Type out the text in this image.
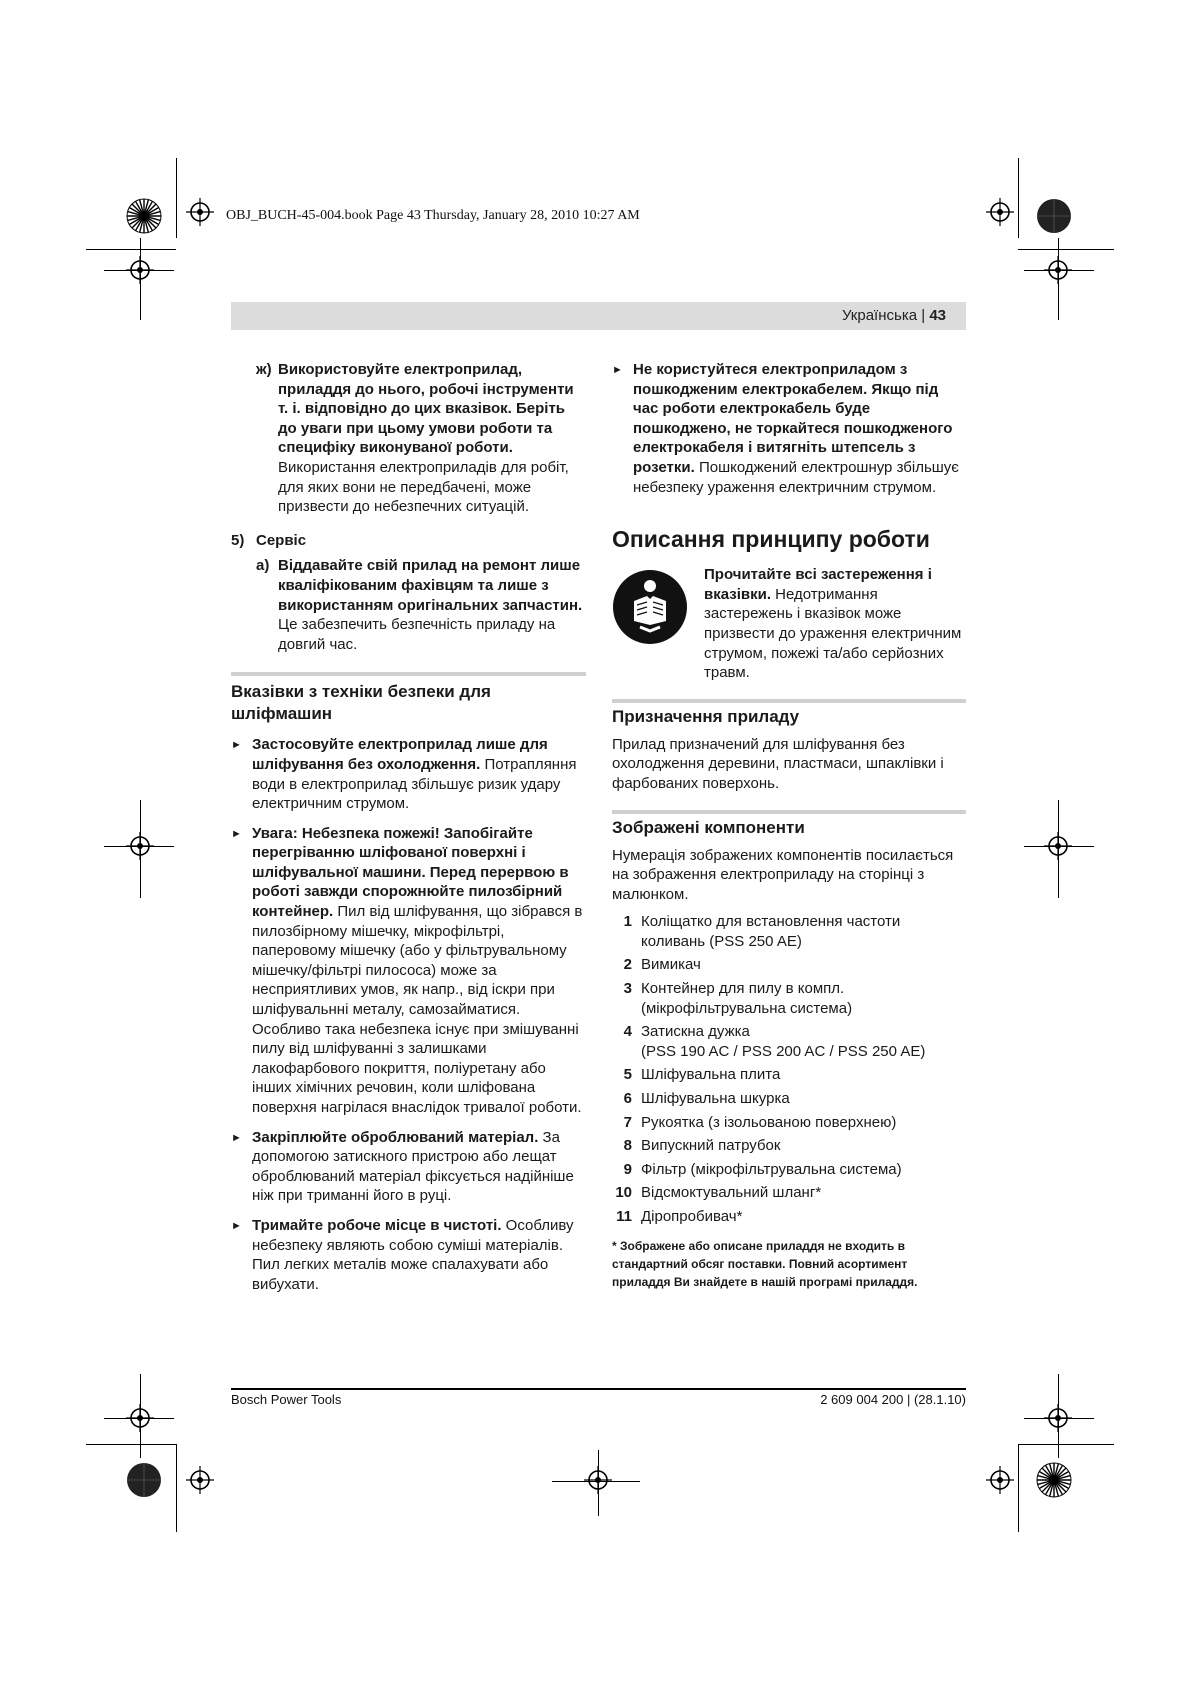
OBJ_BUCH-45-004.book Page 43 Thursday, January 28, 2010 10:27 AM
Українська | 43
ж) Використовуйте електроприлад, приладдя до нього, робочі інструменти т. і. відповідно до цих вказівок. Беріть до уваги при цьому умови роботи та специфіку виконуваної роботи. Використання електроприладів для робіт, для яких вони не передбачені, може призвести до небезпечних ситуацій.

5) Сервіс
a) Віддавайте свій прилад на ремонт лише кваліфікованим фахівцям та лише з використанням оригінальних запчастин. Це забезпечить безпечність приладу на довгий час.

Вказівки з техніки безпеки для шліфмашин
► Застосовуйте електроприлад лише для шліфування без охолодження. Потрапляння води в електроприлад збільшує ризик удару електричним струмом.

► Увага: Небезпека пожежі! Запобігайте перегріванню шліфованої поверхні і шліфувальної машини. Перед перервою в роботі завжди спорожнюйте пилозбірний контейнер. Пил від шліфування, що зібрався в пилозбірному мішечку, мікрофільтрі, паперовому мішечку (або у фільтрувальному мішечку/фільтрі пилососа) може за несприятливих умов, як напр., від іскри при шліфувальнні металу, самозайматися. Особливо така небезпека існує при змішуванні пилу від шліфуванні з залишками лакофарбового покриття, поліуретану або інших хімічних речовин, коли шліфована поверхня нагрілася внаслідок тривалої роботи.

► Закріплюйте оброблюваний матеріал. За допомогою затискного пристрою або лещат оброблюваний матеріал фіксується надійніше ніж при триманні його в руці.

► Тримайте робоче місце в чистоті. Особливу небезпеку являють собою суміші матеріалів. Пил легких металів може спалахувати або вибухати.

► Не користуйтеся електроприладом з пошкодженим електрокабелем. Якщо під час роботи електрокабель буде пошкоджено, не торкайтеся пошкодженого електрокабеля і витягніть штепсель з розетки. Пошкоджений електрошнур збільшує небезпеку ураження електричним струмом.

Описання принципу роботи

Прочитайте всі застереження і вказівки. Недотримання застережень і вказівок може призвести до ураження електричним струмом, пожежі та/або серйозних травм.

Призначення приладу

Прилад призначений для шліфування без охолодження деревини, пластмаси, шпаклівки і фарбованих поверхонь.

Зображені компоненти

Нумерація зображених компонентів посилається на зображення електроприладу на сторінці з малюнком.

1 Коліщатко для встановлення частоти коливань (PSS 250 AE)
2 Вимикач
3 Контейнер для пилу в компл. (мікрофільтрувальна система)
4 Затискна дужка
(PSS 190 AC / PSS 200 AC / PSS 250 AE)
5 Шліфувальна плита
6 Шліфувальна шкурка
7 Рукоятка (з ізольованою поверхнею)
8 Випускний патрубок
9 Фільтр (мікрофільтрувальна система)
10 Відсмоктувальний шланг*
11 Діропробивач*

* Зображене або описане приладдя не входить в стандартний обсяг поставки. Повний асортимент приладдя Ви знайдете в нашій програмі приладдя.

Bosch Power Tools	2 609 004 200 | (28.1.10)
